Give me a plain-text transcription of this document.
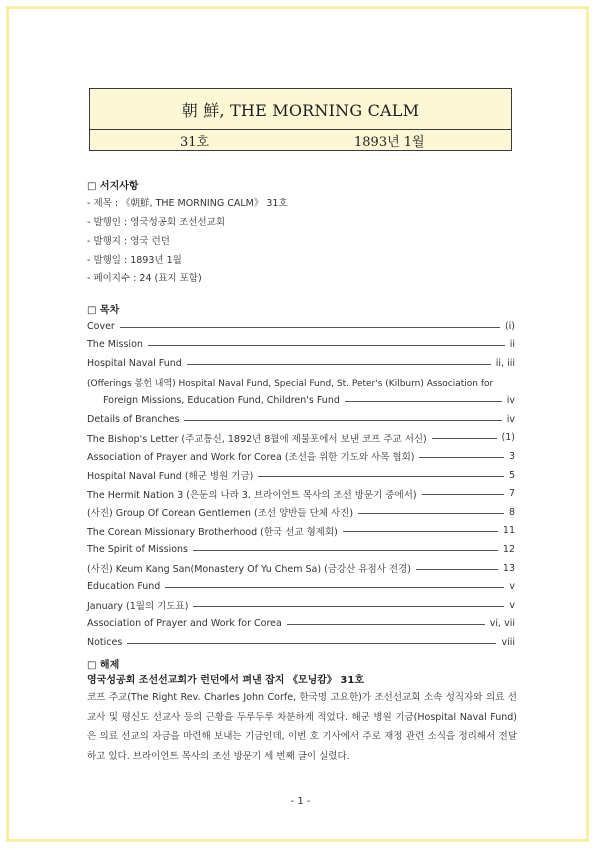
朝 鮮, THE MORNING CALM
31호	1893년 1월
□ 서지사항
- 제목 : 《朝鮮, THE MORNING CALM》 31호
- 발행인 : 영국성공회 조선선교회
- 발행지 : 영국 런던
- 발행일 : 1893년 1월
- 페이지수 : 24 (표지 포함)
□ 목차
Cover	(i)
The Mission	ii
Hospital Naval Fund	ii, iii
(Offerings 봉헌 내역) Hospital Naval Fund, Special Fund, St. Peter's (Kilburn) Association for
Foreign Missions, Education Fund, Children's Fund	iv
Details of Branches	iv
The Bishop's Letter (주교통신, 1892년 8월에 제물포에서 보낸 코프 주교 서신)	(1)
Association of Prayer and Work for Corea (조선을 위한 기도와 사목 협회)	3
Hospital Naval Fund (해군 병원 기금)	5
The Hermit Nation 3 (은둔의 나라 3. 브라이언트 목사의 조선 방문기 중에서)	7
(사진) Group Of Corean Gentlemen (조선 양반들 단체 사진)	8
The Corean Missionary Brotherhood (한국 선교 형제회)	11
The Spirit of Missions	12
(사진) Keum Kang San(Monastery Of Yu Chem Sa) (금강산 유점사 전경)	13
Education Fund	v
January (1월의 기도표)	v
Association of Prayer and Work for Corea	vi, vii
Notices	viii
□ 해제
영국성공회 조선선교회가 런던에서 펴낸 잡지 《모닝캄》 31호
코프 주교(The Right Rev. Charles John Corfe, 한국명 고요한)가 조선선교회 소속 성직자와 의료 선교사 및 평신도 선교사 등의 근황을 두루두루 차분하게 적었다. 해군 병원 기금(Hospital Naval Fund)은 의료 선교의 자금을 마련해 보내는 기금인데, 이번 호 기사에서 주로 재정 관련 소식을 정리해서 전달하고 있다. 브라이언트 목사의 조선 방문기 세 번째 글이 실렸다.
- 1 -
